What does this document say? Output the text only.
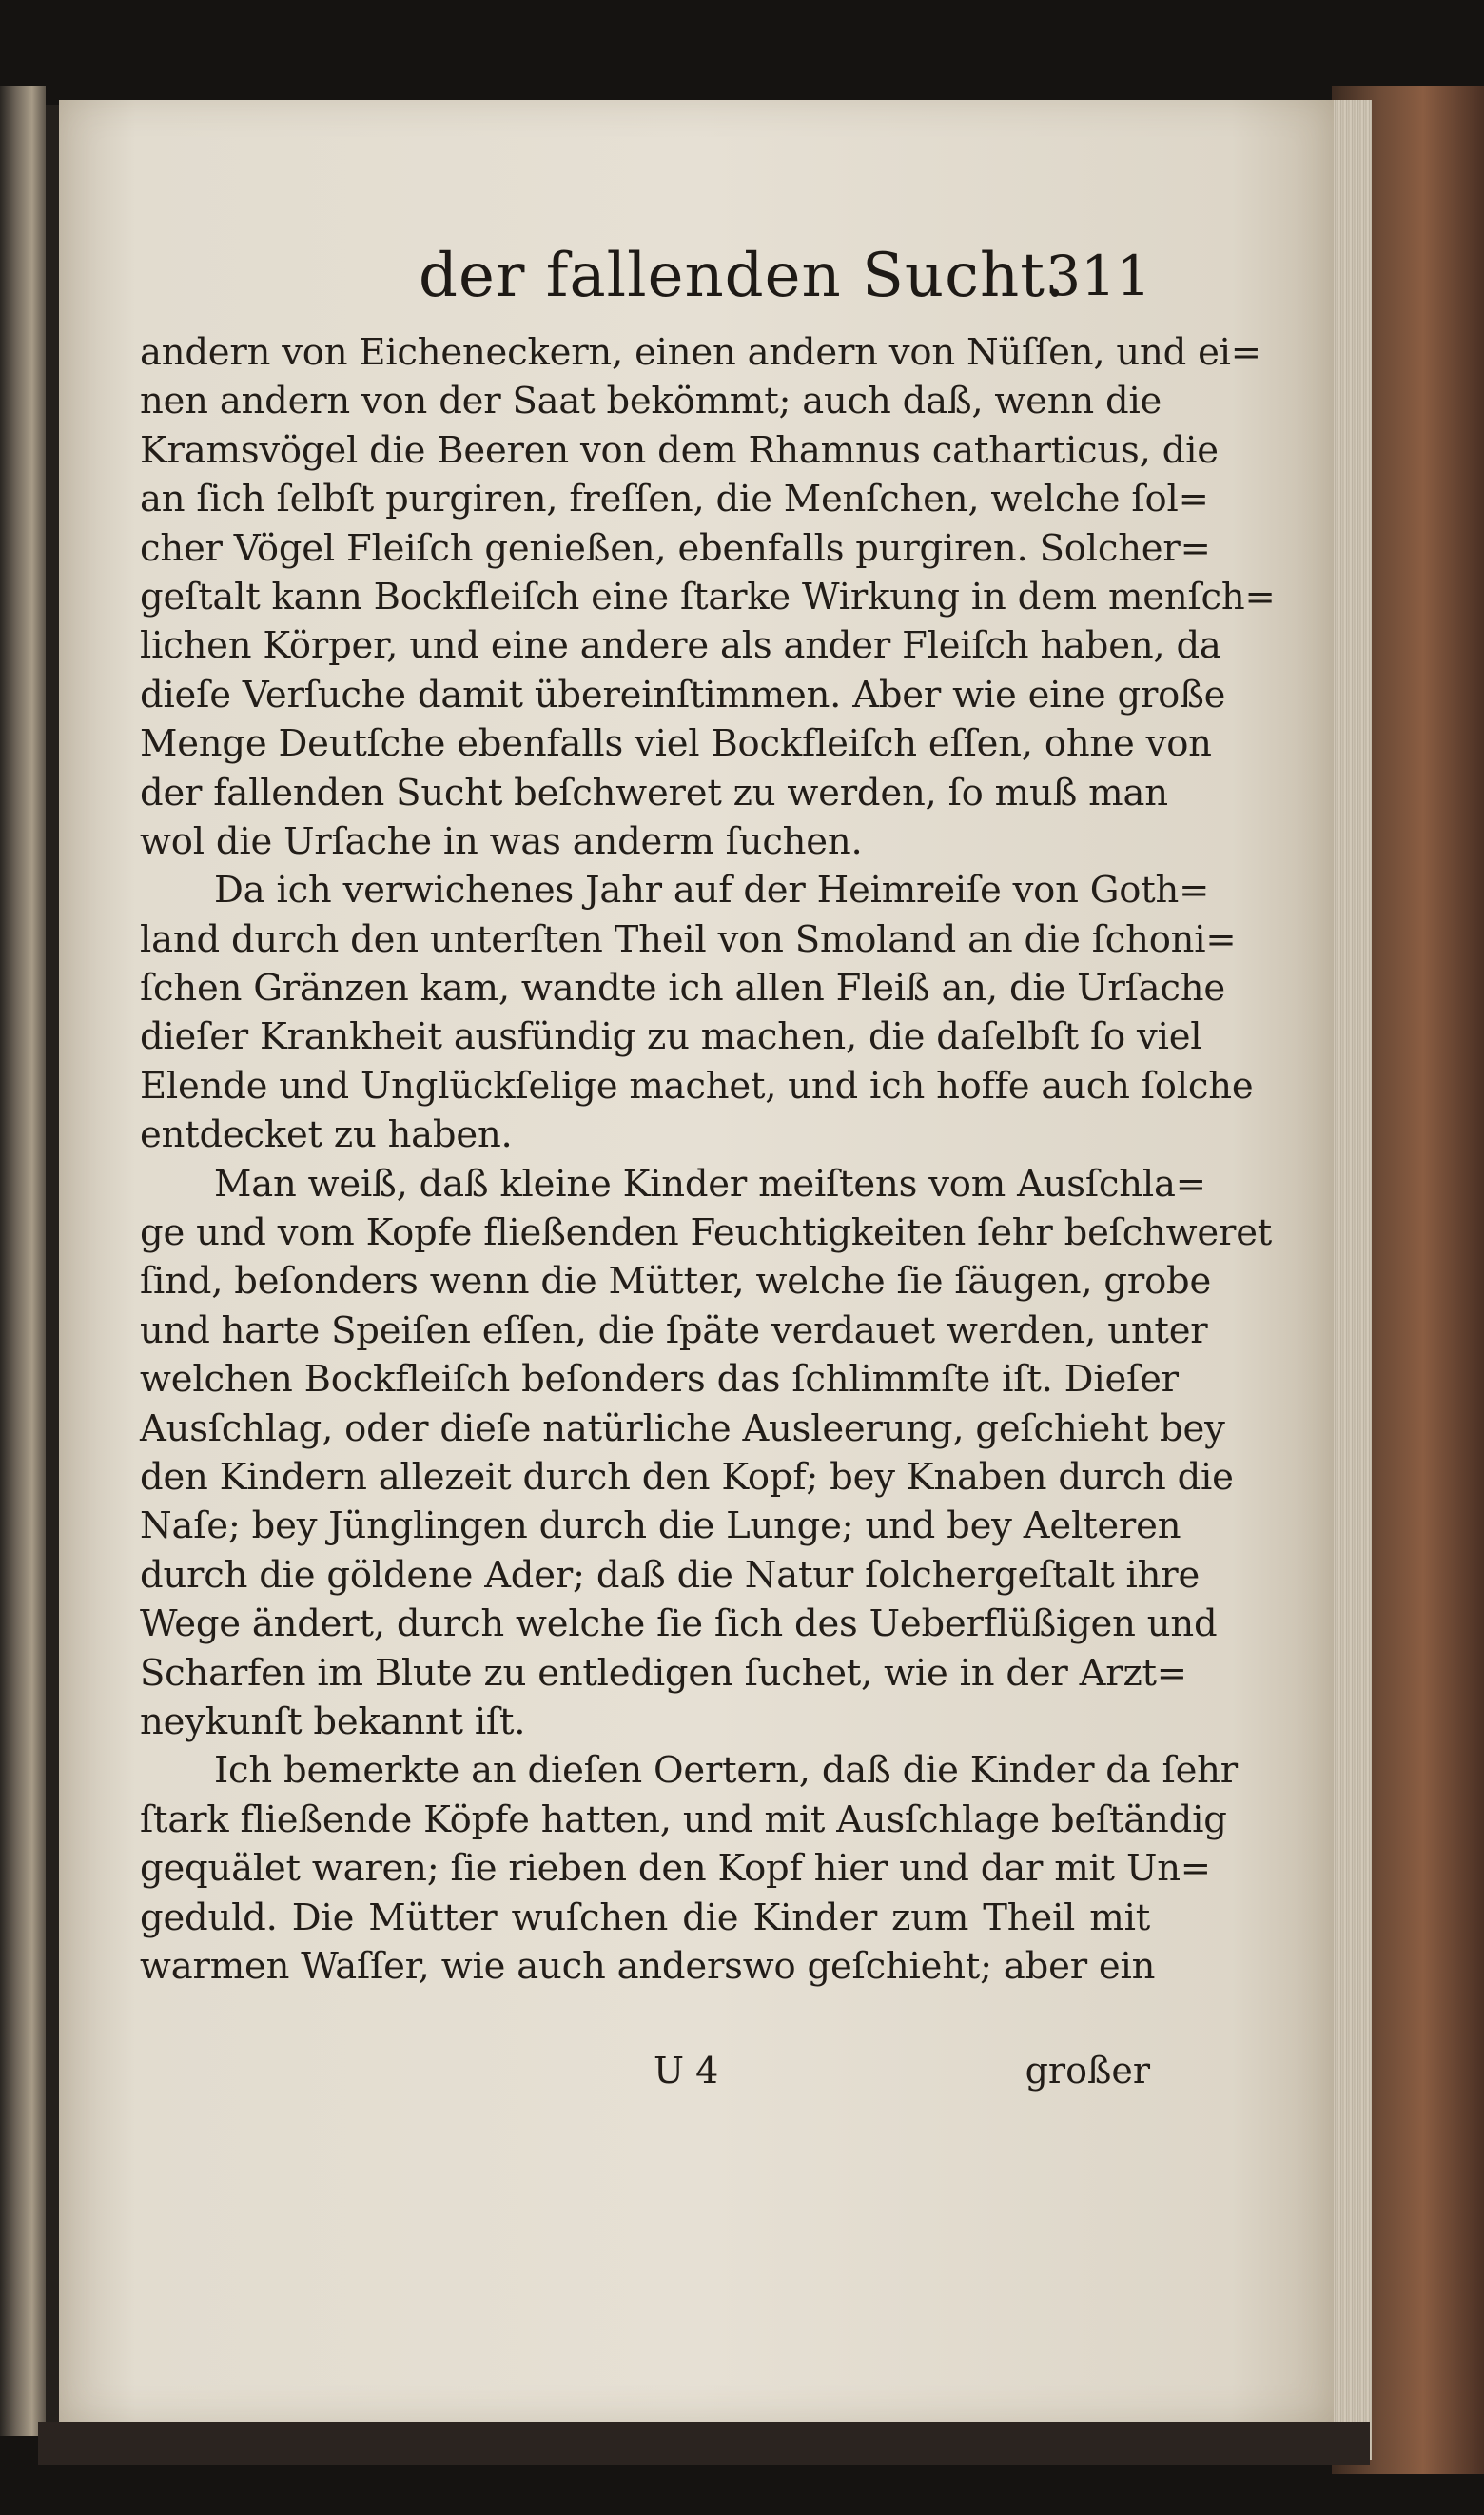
der fallenden Sucht.
311
andern von Eicheneckern, einen andern von Nüſſen, und ei=
nen andern von der Saat bekömmt; auch daß, wenn die
Kramsvögel die Beeren von dem Rhamnus catharticus, die
an ſich ſelbſt purgiren, freſſen, die Menſchen, welche ſol=
cher Vögel Fleiſch genießen, ebenfalls purgiren. Solcher=
geſtalt kann Bockfleiſch eine ſtarke Wirkung in dem menſch=
lichen Körper, und eine andere als ander Fleiſch haben, da
dieſe Verſuche damit übereinſtimmen. Aber wie eine große
Menge Deutſche ebenfalls viel Bockfleiſch eſſen, ohne von
der fallenden Sucht beſchweret zu werden, ſo muß man
wol die Urſache in was anderm ſuchen.
Da ich verwichenes Jahr auf der Heimreiſe von Goth=
land durch den unterſten Theil von Smoland an die ſchoni=
ſchen Gränzen kam, wandte ich allen Fleiß an, die Urſache
dieſer Krankheit ausfündig zu machen, die daſelbſt ſo viel
Elende und Unglückſelige machet, und ich hoffe auch ſolche
entdecket zu haben.
Man weiß, daß kleine Kinder meiſtens vom Ausſchla=
ge und vom Kopfe fließenden Feuchtigkeiten ſehr beſchweret
ſind, beſonders wenn die Mütter, welche ſie ſäugen, grobe
und harte Speiſen eſſen, die ſpäte verdauet werden, unter
welchen Bockfleiſch beſonders das ſchlimmſte iſt. Dieſer
Ausſchlag, oder dieſe natürliche Ausleerung, geſchieht bey
den Kindern allezeit durch den Kopf; bey Knaben durch die
Naſe; bey Jünglingen durch die Lunge; und bey Aelteren
durch die göldene Ader; daß die Natur ſolchergeſtalt ihre
Wege ändert, durch welche ſie ſich des Ueberflüßigen und
Scharfen im Blute zu entledigen ſuchet, wie in der Arzt=
neykunſt bekannt iſt.
Ich bemerkte an dieſen Oertern, daß die Kinder da ſehr
ſtark fließende Köpfe hatten, und mit Ausſchlage beſtändig
gequälet waren; ſie rieben den Kopf hier und dar mit Un=
geduld. Die Mütter wuſchen die Kinder zum Theil mit
warmen Waſſer, wie auch anderswo geſchieht; aber ein
U 4	großer
